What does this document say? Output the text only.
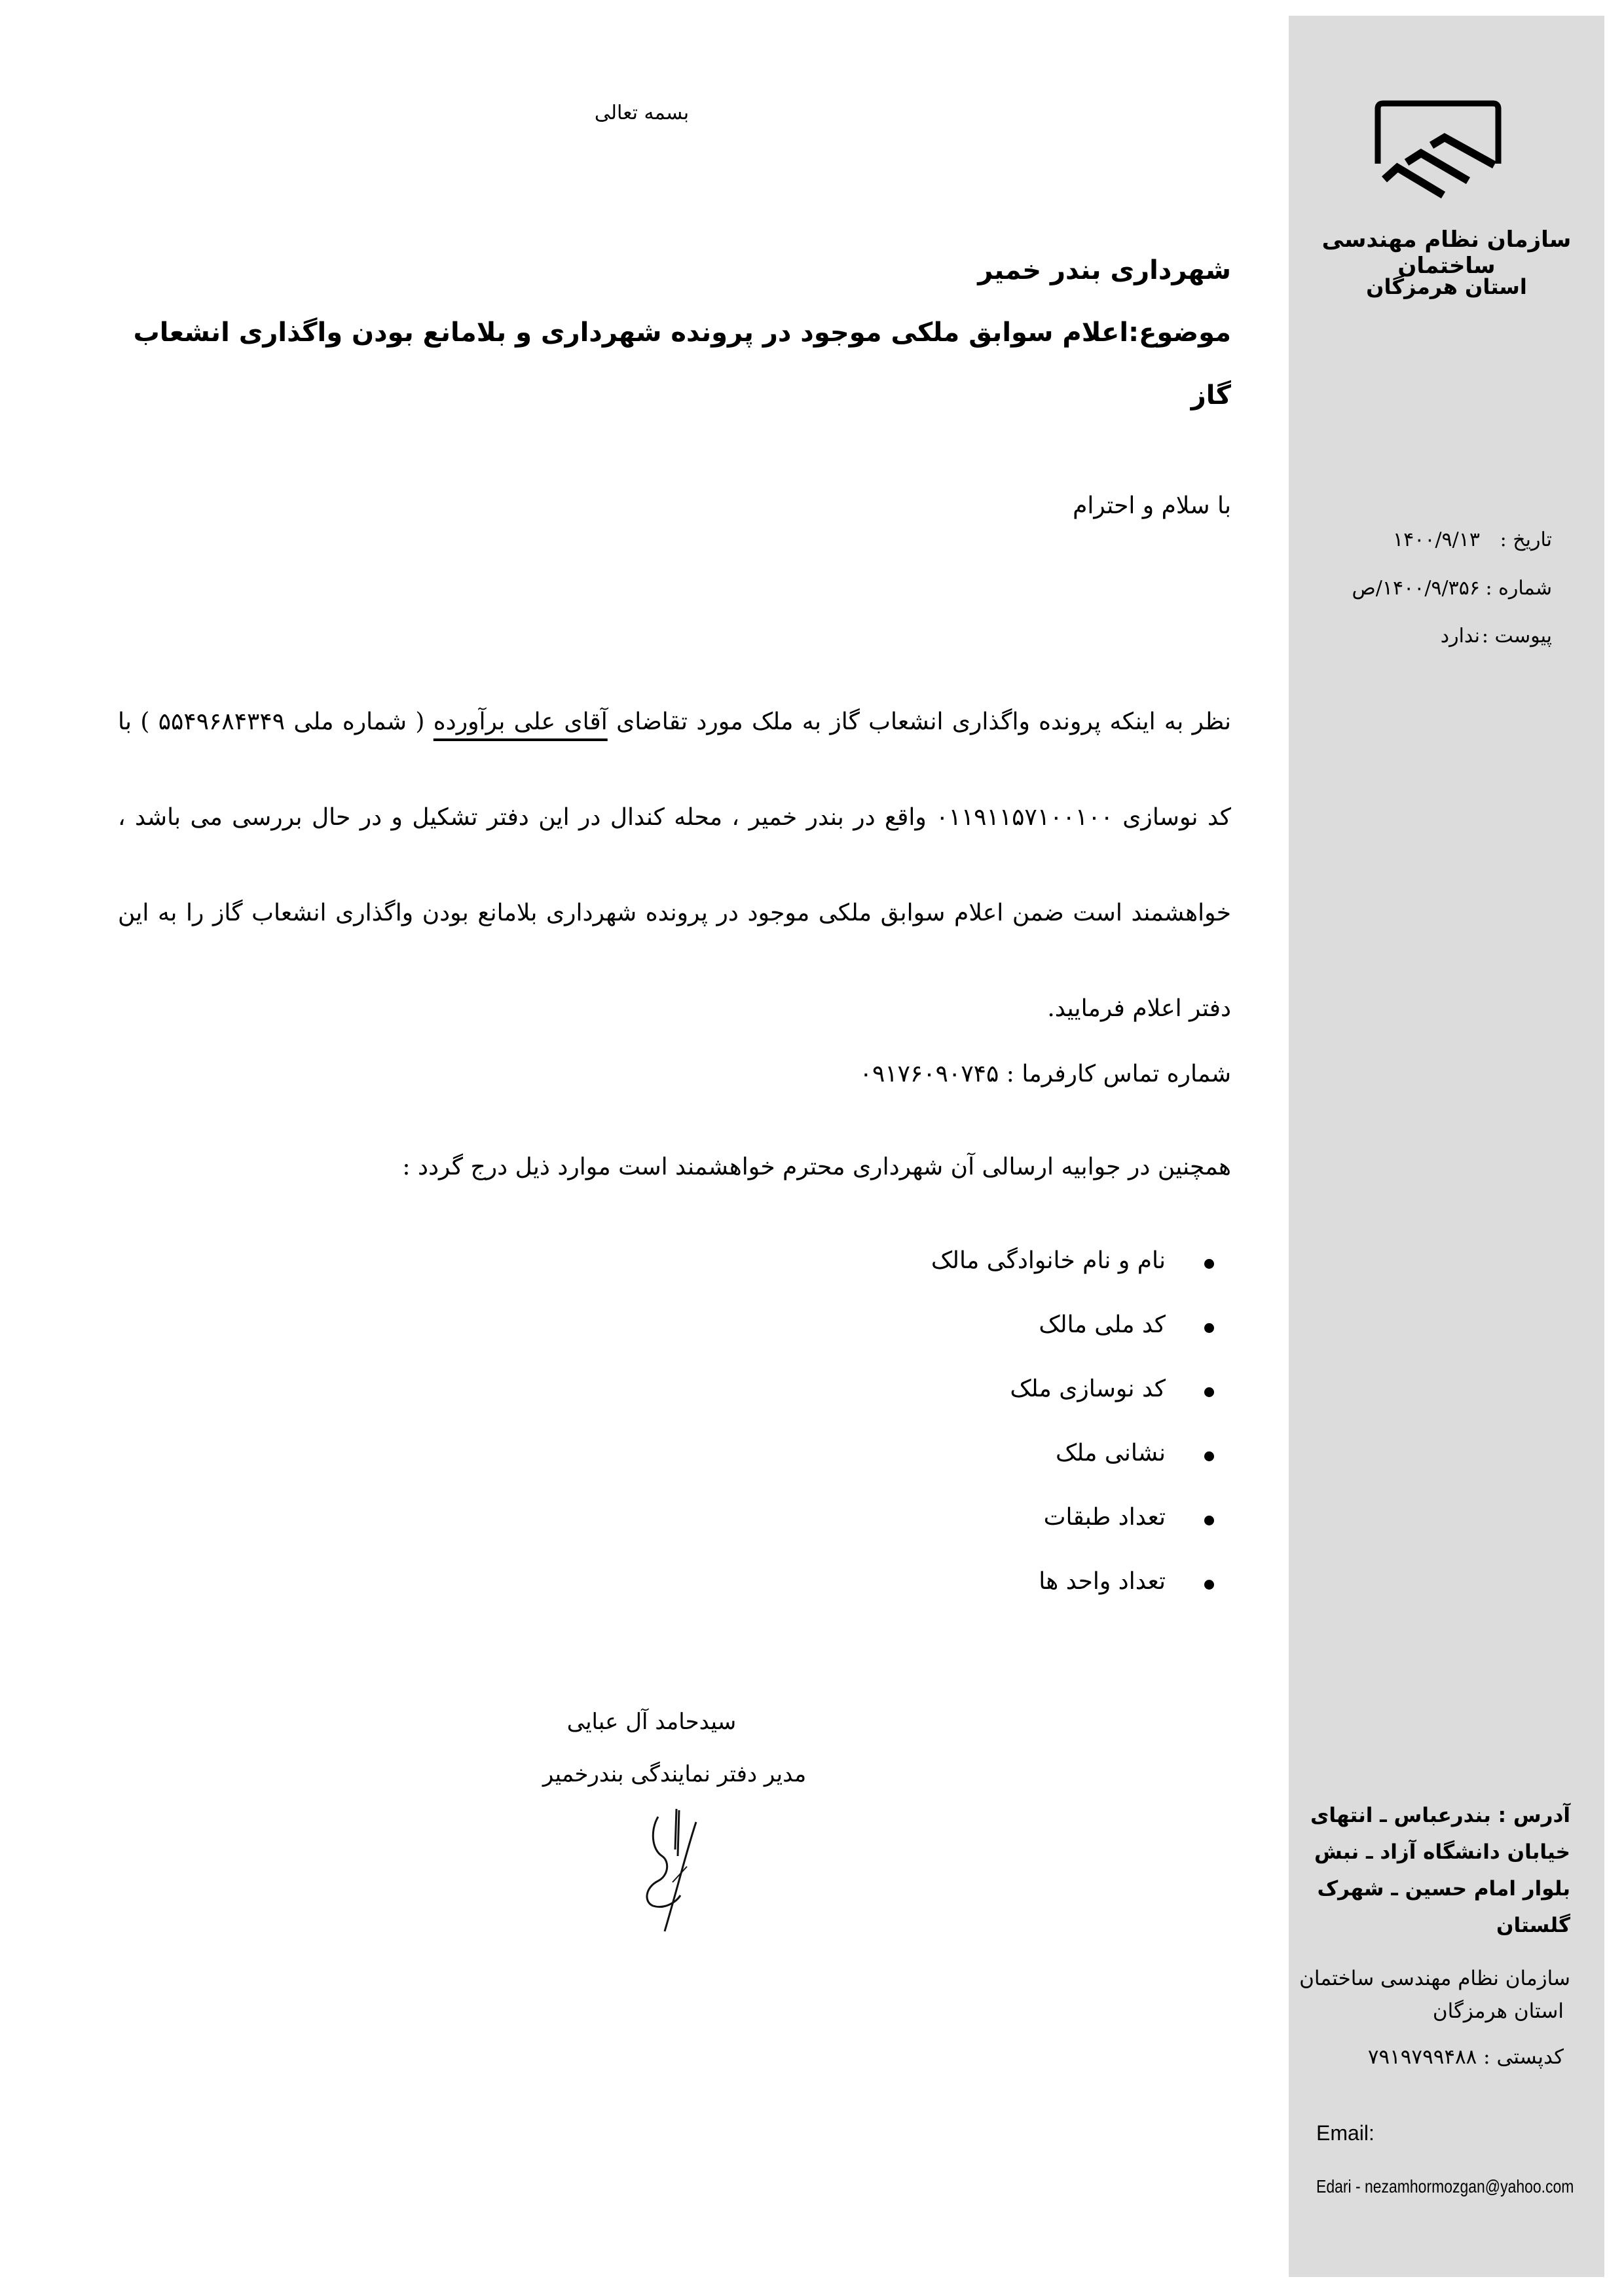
سازمان نظام مهندسی ساختمان
استان هرمزگان
تاریخ :
۱۴۰۰/۹/۱۳
شماره :
۱۴۰۰/۹/۳۵۶/ص
پیوست :
ندارد
آدرس : بندرعباس ـ انتهای خیابان دانشگاه آزاد ـ نبش بلوار امام حسین ـ شهرک گلستان
سازمان نظام مهندسی ساختمان
استان هرمزگان
کدپستی : ۷۹۱۹۷۹۹۴۸۸
Email:
Edari - nezamhormozgan@yahoo.com
بسمه تعالی
شهرداری بندر خمیر
موضوع:اعلام سوابق ملکی موجود در پرونده شهرداری و بلامانع بودن واگذاری انشعاب گاز
با سلام و احترام

نظر به اینکه پرونده واگذاری انشعاب گاز به ملک مورد تقاضای آقای علی برآورده ( شماره ملی ۵۵۴۹۶۸۴۳۴۹ ) با کد نوسازی ۰۱۱۹۱۱۵۷۱۰۰۱۰۰ واقع در بندر خمیر ، محله کندال در این دفتر تشکیل و در حال بررسی می باشد ، خواهشمند است ضمن اعلام سوابق ملکی موجود در پرونده شهرداری بلامانع بودن واگذاری انشعاب گاز را به این دفتر اعلام فرمایید.

شماره تماس کارفرما : ۰۹۱۷۶۰۹۰۷۴۵
همچنین در جوابیه ارسالی آن شهرداری محترم خواهشمند است موارد ذیل درج گردد :
نام و نام خانوادگی مالک
کد ملی مالک
کد نوسازی ملک
نشانی ملک
تعداد طبقات
تعداد واحد ها
سیدحامد آل عبایی
مدیر دفتر نمایندگی بندرخمیر
